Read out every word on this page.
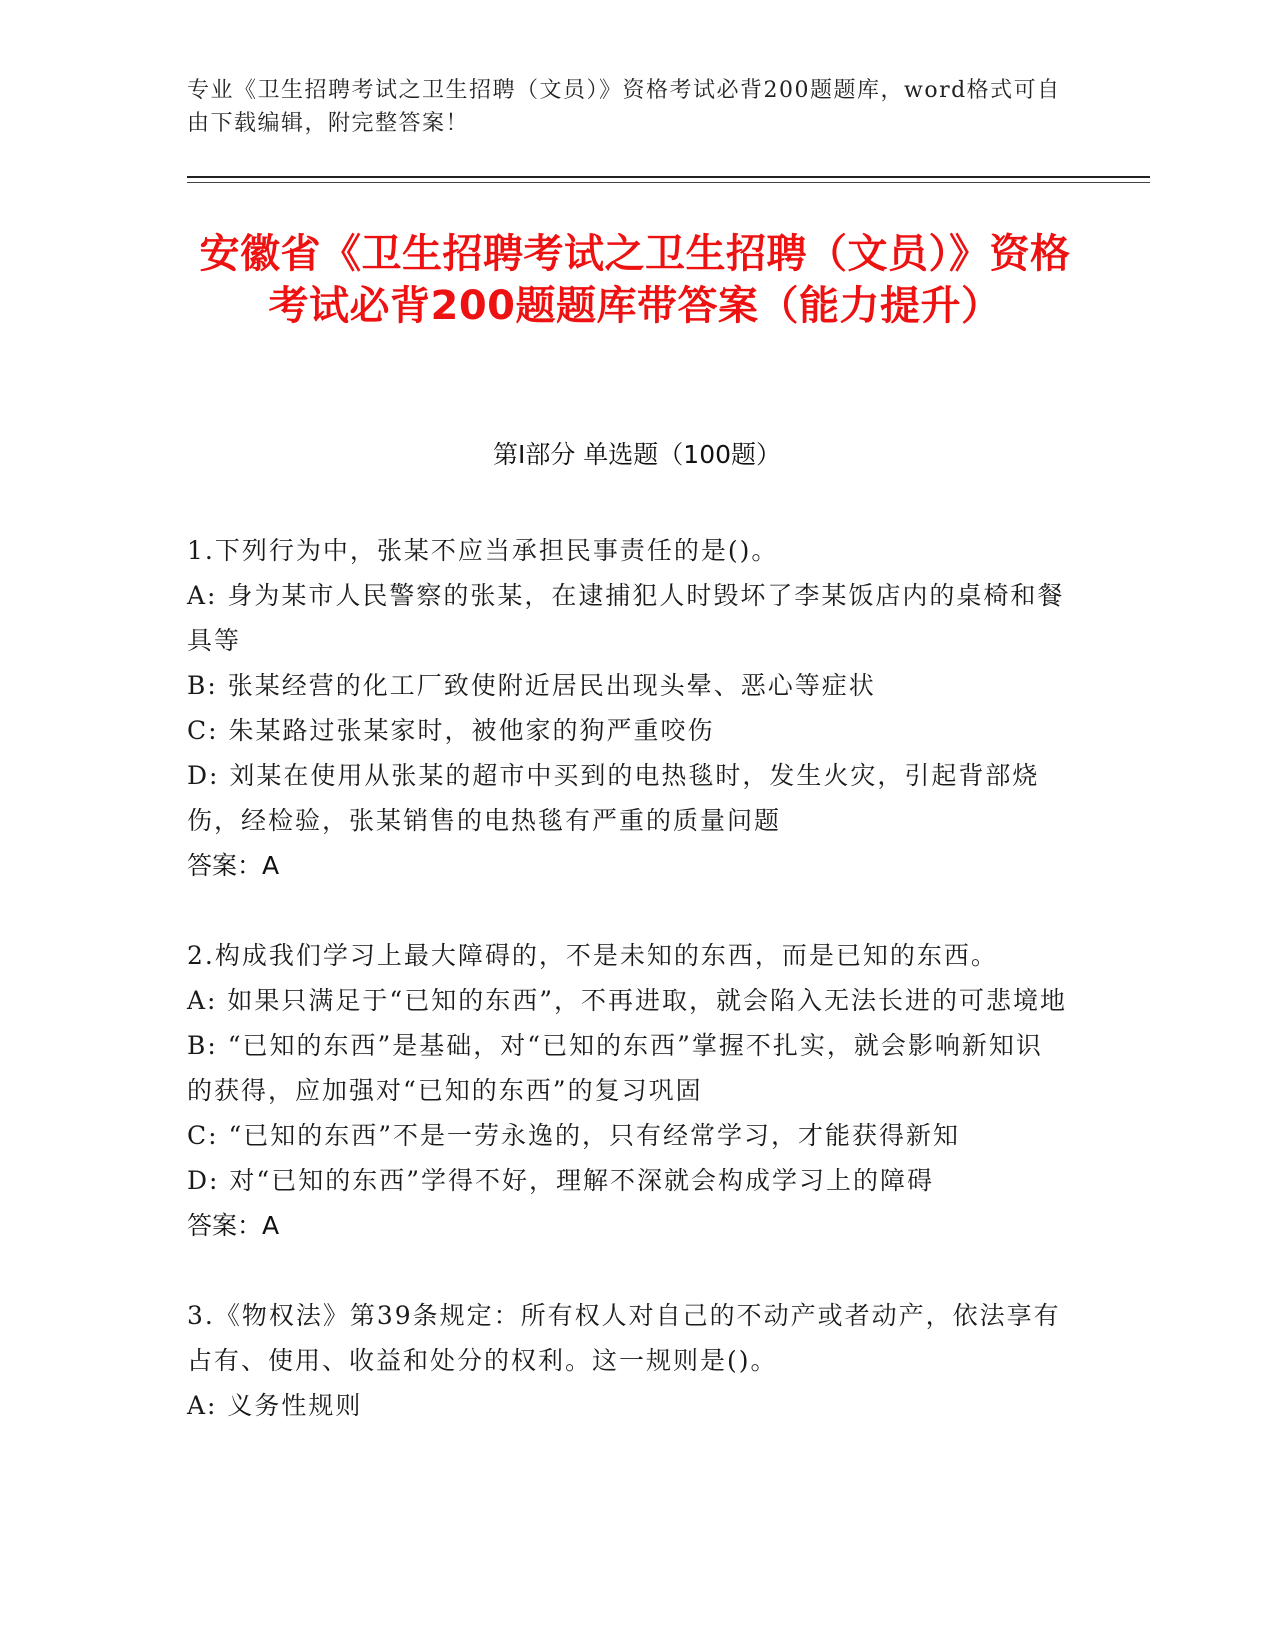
专业《卫生招聘考试之卫生招聘（文员）》资格考试必背200题题库，word格式可自由下载编辑，附完整答案！
安徽省《卫生招聘考试之卫生招聘（文员）》资格考试必背200题题库带答案（能力提升）
第I部分 单选题（100题）
1.下列行为中，张某不应当承担民事责任的是()。
A: 身为某市人民警察的张某，在逮捕犯人时毁坏了李某饭店内的桌椅和餐具等
B: 张某经营的化工厂致使附近居民出现头晕、恶心等症状
C: 朱某路过张某家时，被他家的狗严重咬伤
D: 刘某在使用从张某的超市中买到的电热毯时，发生火灾，引起背部烧伤，经检验，张某销售的电热毯有严重的质量问题
答案：A
2.构成我们学习上最大障碍的，不是未知的东西，而是已知的东西。
A: 如果只满足于“已知的东西”，不再进取，就会陷入无法长进的可悲境地
B: “已知的东西”是基础，对“已知的东西”掌握不扎实，就会影响新知识的获得，应加强对“已知的东西”的复习巩固
C: “已知的东西”不是一劳永逸的，只有经常学习，才能获得新知
D: 对“已知的东西”学得不好，理解不深就会构成学习上的障碍
答案：A
3.《物权法》第39条规定：所有权人对自己的不动产或者动产，依法享有占有、使用、收益和处分的权利。这一规则是()。
A: 义务性规则
